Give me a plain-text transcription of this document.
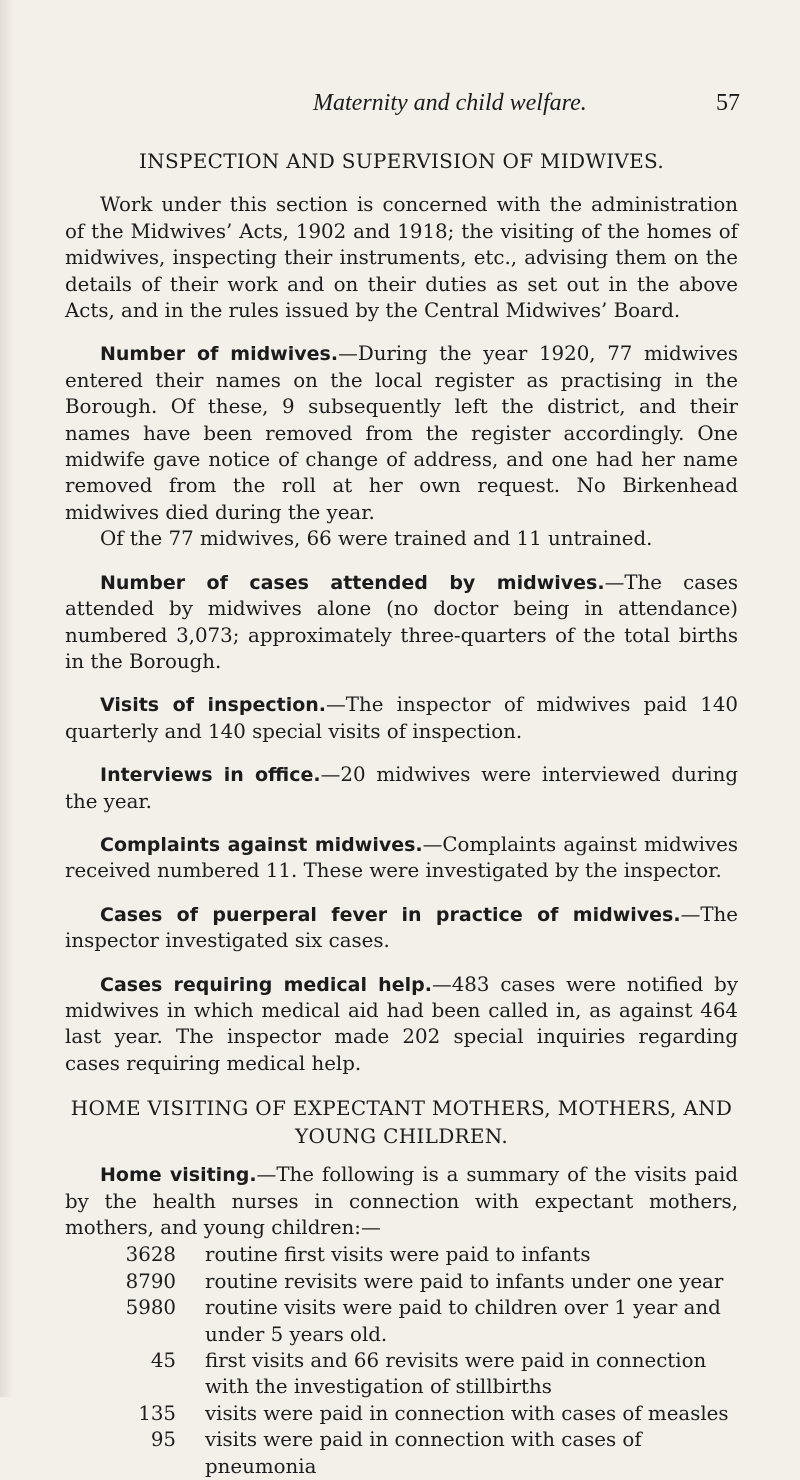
Maternity and child welfare.	57
INSPECTION AND SUPERVISION OF MIDWIVES.

Work under this section is concerned with the administration of the Midwives’ Acts, 1902 and 1918; the visiting of the homes of midwives, inspecting their instruments, etc., advising them on the details of their work and on their duties as set out in the above Acts, and in the rules issued by the Central Midwives’ Board.

Number of midwives.—During the year 1920, 77 midwives entered their names on the local register as practising in the Borough. Of these, 9 subsequently left the district, and their names have been removed from the register accordingly. One midwife gave notice of change of address, and one had her name removed from the roll at her own request. No Birkenhead midwives died during the year.

Of the 77 midwives, 66 were trained and 11 untrained.

Number of cases attended by midwives.—The cases attended by midwives alone (no doctor being in attendance) numbered 3,073; approximately three-quarters of the total births in the Borough.

Visits of inspection.—The inspector of midwives paid 140 quarterly and 140 special visits of inspection.

Interviews in office.—20 midwives were interviewed during the year.

Complaints against midwives.—Complaints against midwives received numbered 11. These were investigated by the inspector.

Cases of puerperal fever in practice of midwives.—The inspector investigated six cases.

Cases requiring medical help.—483 cases were notified by midwives in which medical aid had been called in, as against 464 last year. The inspector made 202 special inquiries regarding cases requiring medical help.

HOME VISITING OF EXPECTANT MOTHERS, MOTHERS, AND YOUNG CHILDREN.

Home visiting.—The following is a summary of the visits paid by the health nurses in connection with expectant mothers, mothers, and young children:—

3628 routine first visits were paid to infants
8790 routine revisits were paid to infants under one year
5980 routine visits were paid to children over 1 year and under 5 years old.
45 first visits and 66 revisits were paid in connection with the investigation of stillbirths
135 visits were paid in connection with cases of measles
95 visits were paid in connection with cases of pneumonia
